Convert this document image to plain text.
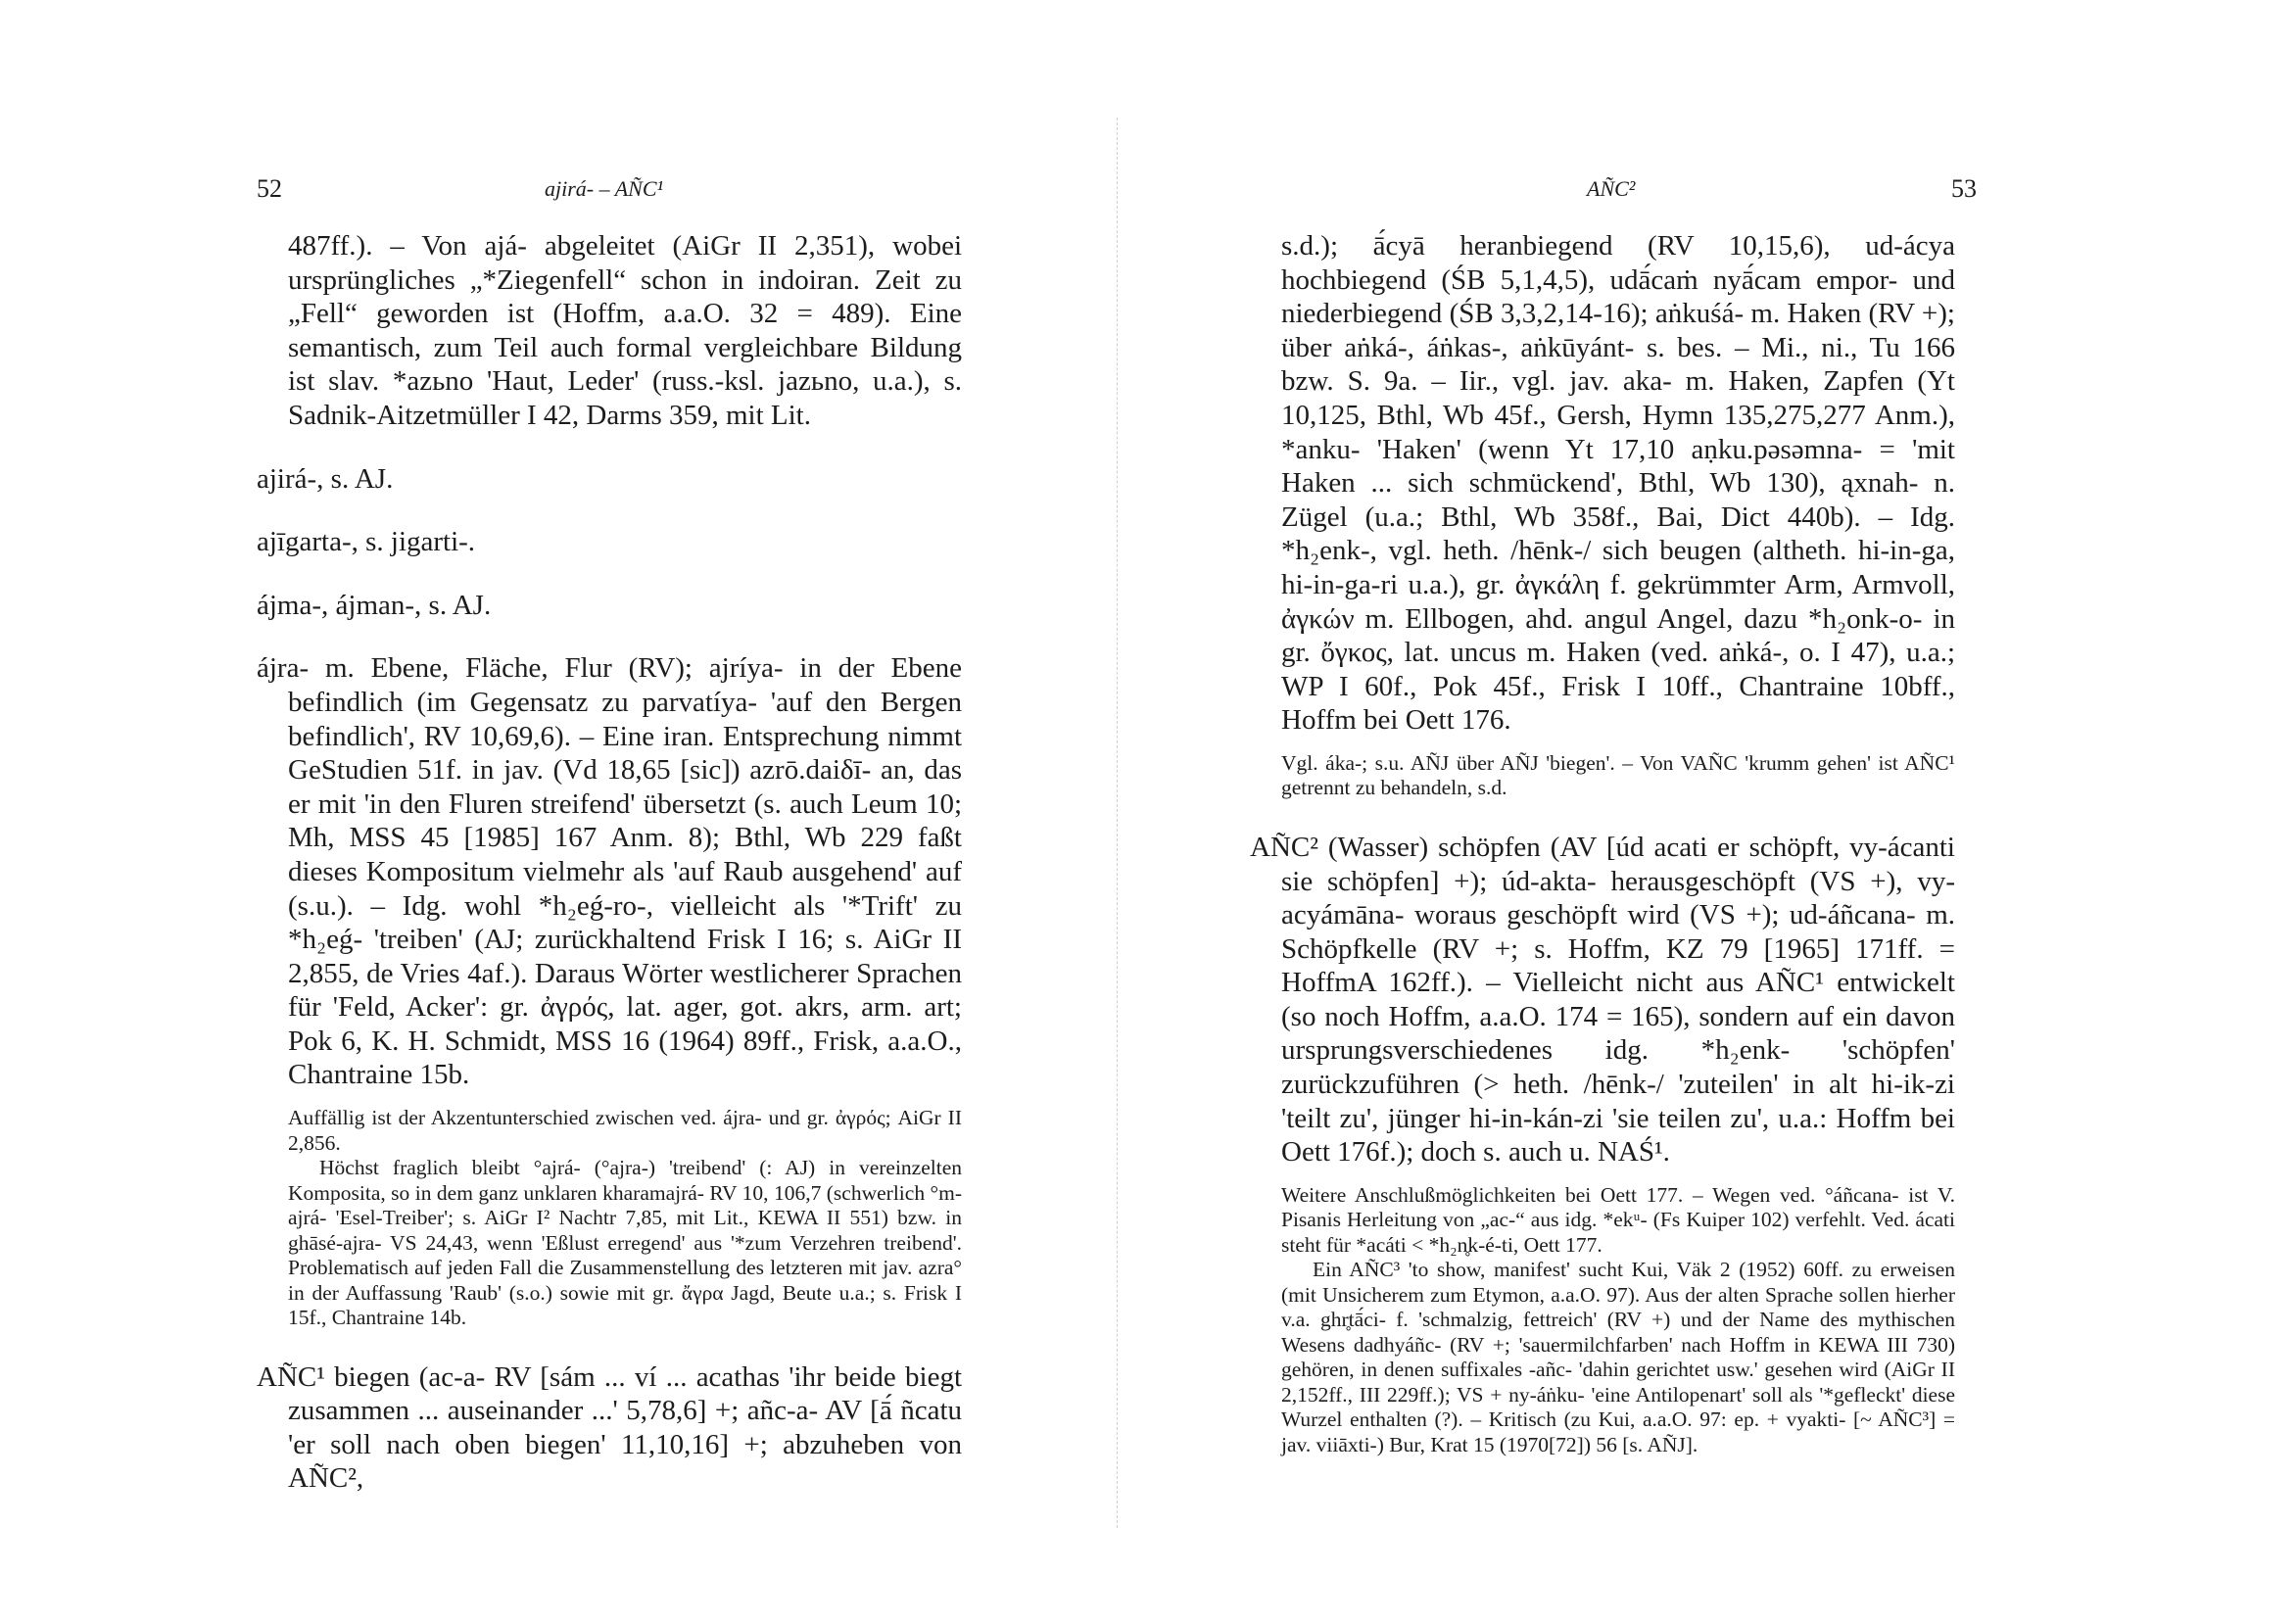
52	ajirá- – AÑC¹

487ff.). – Von ajá- abgeleitet (AiGr II 2,351), wobei ursprüngliches „*Ziegenfell“ schon in indoiran. Zeit zu „Fell“ geworden ist (Hoffm, a.a.O. 32 = 489). Eine semantisch, zum Teil auch formal vergleichbare Bildung ist slav. *azьno 'Haut, Leder' (russ.-ksl. jazьno, u.a.), s. Sadnik-Aitzetmüller I 42, Darms 359, mit Lit.

ajirá-, s. AJ.

ajīgarta-, s. jigarti-.

ájma-, ájman-, s. AJ.

ájra- m. Ebene, Fläche, Flur (RV); ajríya- in der Ebene befindlich (im Gegensatz zu parvatíya- 'auf den Bergen befindlich', RV 10,69,6). – Eine iran. Entsprechung nimmt GeStudien 51f. in jav. (Vd 18,65 [sic]) azrō.daiδī- an, das er mit 'in den Fluren streifend' übersetzt (s. auch Leum 10; Mh, MSS 45 [1985] 167 Anm. 8); Bthl, Wb 229 faßt dieses Kompositum vielmehr als 'auf Raub ausgehend' auf (s.u.). – Idg. wohl *h₂eǵ-ro-, vielleicht als '*Trift' zu *h₂eǵ- 'treiben' (AJ; zurückhaltend Frisk I 16; s. AiGr II 2,855, de Vries 4af.). Daraus Wörter westlicherer Sprachen für 'Feld, Acker': gr. ἀγρός, lat. ager, got. akrs, arm. art; Pok 6, K. H. Schmidt, MSS 16 (1964) 89ff., Frisk, a.a.O., Chantraine 15b.

Auffällig ist der Akzentunterschied zwischen ved. ájra- und gr. ἀγρός; AiGr II 2,856.

Höchst fraglich bleibt °ajrá- (°ajra-) 'treibend' (: AJ) in vereinzelten Komposita, so in dem ganz unklaren kharamajrá- RV 10, 106,7 (schwerlich °m-ajrá- 'Esel-Treiber'; s. AiGr I² Nachtr 7,85, mit Lit., KEWA II 551) bzw. in ghāsé-ajra- VS 24,43, wenn 'Eßlust erregend' aus '*zum Verzehren treibend'. Problematisch auf jeden Fall die Zusammenstellung des letzteren mit jav. azra° in der Auffassung 'Raub' (s.o.) sowie mit gr. ἄγρα Jagd, Beute u.a.; s. Frisk I 15f., Chantraine 14b.

AÑC¹ biegen (ac-a- RV [sám ... ví ... acathas 'ihr beide biegt zusammen ... auseinander ...' 5,78,6] +; añc-a- AV [ā́ ñcatu 'er soll nach oben biegen' 11,10,16] +; abzuheben von AÑC²,

AÑC²	53

s.d.); ā́cyā heranbiegend (RV 10,15,6), ud-ácya hochbiegend (ŚB 5,1,4,5), udā́caṁ nyā́cam empor- und niederbiegend (ŚB 3,3,2,14-16); aṅkuśá- m. Haken (RV +); über aṅká-, áṅkas-, aṅkūyánt- s. bes. – Mi., ni., Tu 166 bzw. S. 9a. – Iir., vgl. jav. aka- m. Haken, Zapfen (Yt 10,125, Bthl, Wb 45f., Gersh, Hymn 135,275,277 Anm.), *anku- 'Haken' (wenn Yt 17,10 aṇku.pəsəmna- = 'mit Haken ... sich schmückend', Bthl, Wb 130), ąxnah- n. Zügel (u.a.; Bthl, Wb 358f., Bai, Dict 440b). – Idg. *h₂enk-, vgl. heth. /hēnk-/ sich beugen (altheth. hi-in-ga, hi-in-ga-ri u.a.), gr. ἀγκάλη f. gekrümmter Arm, Armvoll, ἀγκών m. Ellbogen, ahd. angul Angel, dazu *h₂onk-o- in gr. ὄγκος, lat. uncus m. Haken (ved. aṅká-, o. I 47), u.a.; WP I 60f., Pok 45f., Frisk I 10ff., Chantraine 10bff., Hoffm bei Oett 176.

Vgl. áka-; s.u. AÑJ über AÑJ 'biegen'. – Von VAÑC 'krumm gehen' ist AÑC¹ getrennt zu behandeln, s.d.

AÑC² (Wasser) schöpfen (AV [úd acati er schöpft, vy-ácanti sie schöpfen] +); úd-akta- herausgeschöpft (VS +), vy-acyámāna- woraus geschöpft wird (VS +); ud-áñcana- m. Schöpfkelle (RV +; s. Hoffm, KZ 79 [1965] 171ff. = HoffmA 162ff.). – Vielleicht nicht aus AÑC¹ entwickelt (so noch Hoffm, a.a.O. 174 = 165), sondern auf ein davon ursprungsverschiedenes idg. *h₂enk- 'schöpfen' zurückzuführen (> heth. /hēnk-/ 'zuteilen' in alt hi-ik-zi 'teilt zu', jünger hi-in-kán-zi 'sie teilen zu', u.a.: Hoffm bei Oett 176f.); doch s. auch u. NAŚ¹.

Weitere Anschlußmöglichkeiten bei Oett 177. – Wegen ved. °áñcana- ist V. Pisanis Herleitung von „ac-“ aus idg. *ekᵘ- (Fs Kuiper 102) verfehlt. Ved. ácati steht für *acáti < *h₂n̥k-é-ti, Oett 177.

Ein AÑC³ 'to show, manifest' sucht Kui, Väk 2 (1952) 60ff. zu erweisen (mit Unsicherem zum Etymon, a.a.O. 97). Aus der alten Sprache sollen hierher v.a. ghr̥tā́ci- f. 'schmalzig, fettreich' (RV +) und der Name des mythischen Wesens dadhyáñc- (RV +; 'sauermilchfarben' nach Hoffm in KEWA III 730) gehören, in denen suffixales -añc- 'dahin gerichtet usw.' gesehen wird (AiGr II 2,152ff., III 229ff.); VS + ny-áṅku- 'eine Antilopenart' soll als '*gefleckt' diese Wurzel enthalten (?). – Kritisch (zu Kui, a.a.O. 97: ep. + vyakti- [~ AÑC³] = jav. viiāxti-) Bur, Krat 15 (1970[72]) 56 [s. AÑJ].
